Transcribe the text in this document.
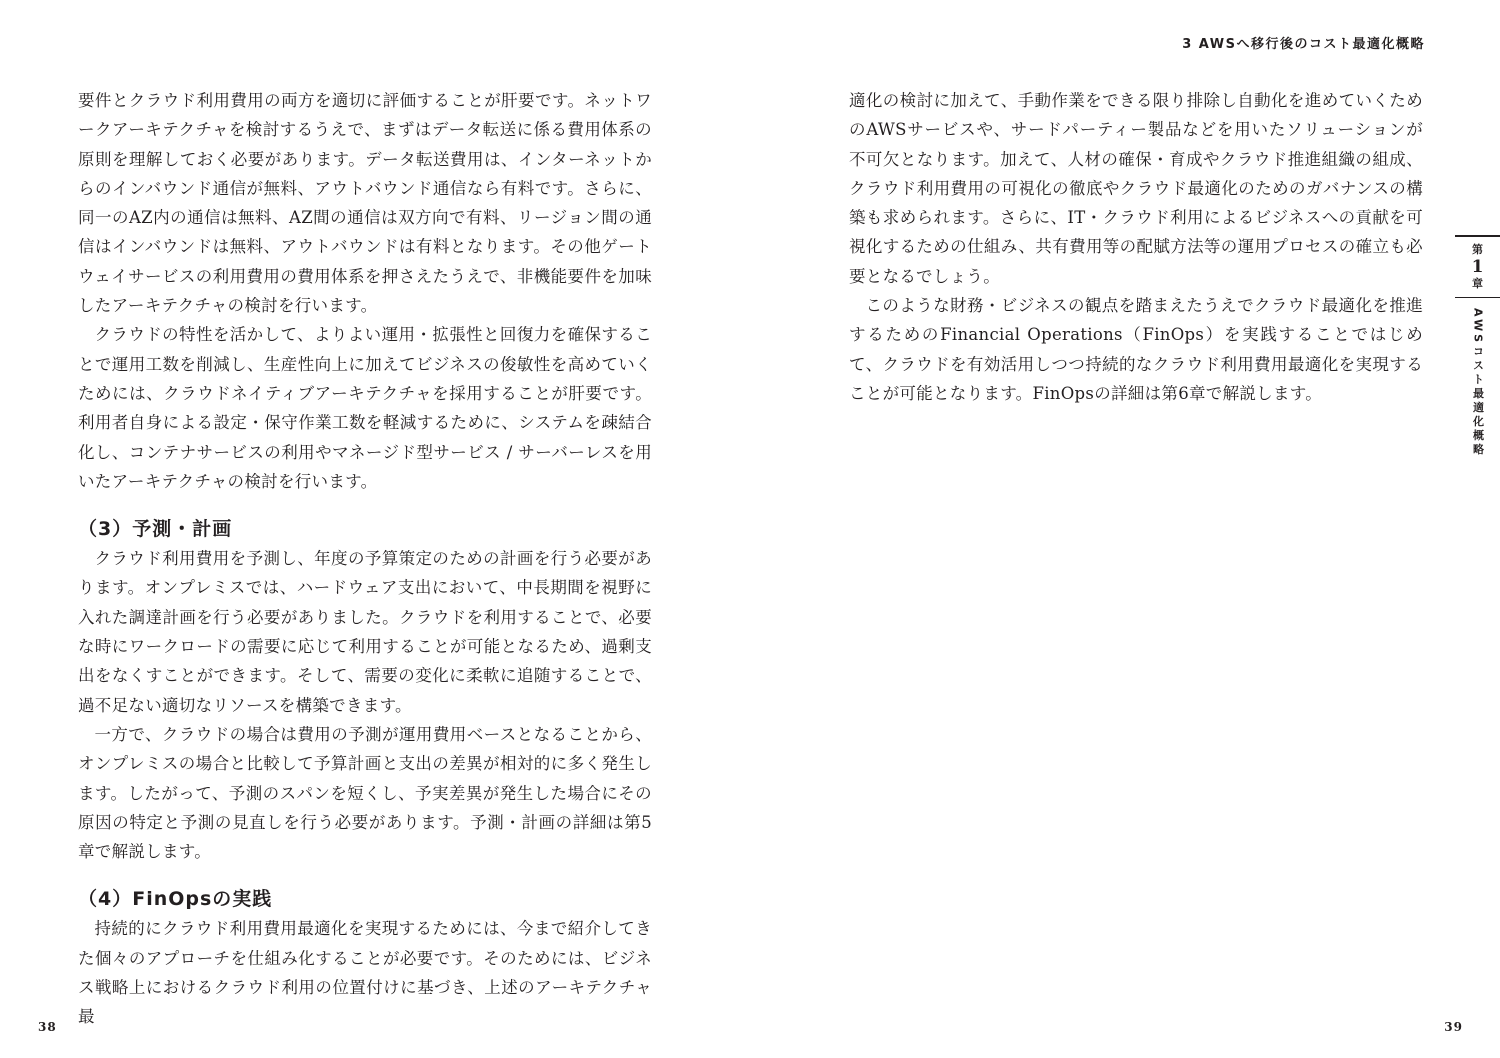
3 AWSへ移行後のコスト最適化概略

要件とクラウド利用費用の両方を適切に評価することが肝要です。ネットワークアーキテクチャを検討するうえで、まずはデータ転送に係る費用体系の原則を理解しておく必要があります。データ転送費用は、インターネットからのインバウンド通信が無料、アウトバウンド通信なら有料です。さらに、同一のAZ内の通信は無料、AZ間の通信は双方向で有料、リージョン間の通信はインバウンドは無料、アウトバウンドは有料となります。その他ゲートウェイサービスの利用費用の費用体系を押さえたうえで、非機能要件を加味したアーキテクチャの検討を行います。

クラウドの特性を活かして、よりよい運用・拡張性と回復力を確保することで運用工数を削減し、生産性向上に加えてビジネスの俊敏性を高めていくためには、クラウドネイティブアーキテクチャを採用することが肝要です。利用者自身による設定・保守作業工数を軽減するために、システムを疎結合化し、コンテナサービスの利用やマネージド型サービス / サーバーレスを用いたアーキテクチャの検討を行います。

（3）予測・計画

クラウド利用費用を予測し、年度の予算策定のための計画を行う必要があります。オンプレミスでは、ハードウェア支出において、中長期間を視野に入れた調達計画を行う必要がありました。クラウドを利用することで、必要な時にワークロードの需要に応じて利用することが可能となるため、過剰支出をなくすことができます。そして、需要の変化に柔軟に追随することで、過不足ない適切なリソースを構築できます。

一方で、クラウドの場合は費用の予測が運用費用ベースとなることから、オンプレミスの場合と比較して予算計画と支出の差異が相対的に多く発生します。したがって、予測のスパンを短くし、予実差異が発生した場合にその原因の特定と予測の見直しを行う必要があります。予測・計画の詳細は第5章で解説します。

（4）FinOpsの実践

持続的にクラウド利用費用最適化を実現するためには、今まで紹介してきた個々のアプローチを仕組み化することが必要です。そのためには、ビジネス戦略上におけるクラウド利用の位置付けに基づき、上述のアーキテクチャ最

適化の検討に加えて、手動作業をできる限り排除し自動化を進めていくためのAWSサービスや、サードパーティー製品などを用いたソリューションが不可欠となります。加えて、人材の確保・育成やクラウド推進組織の組成、クラウド利用費用の可視化の徹底やクラウド最適化のためのガバナンスの構築も求められます。さらに、IT・クラウド利用によるビジネスへの貢献を可視化するための仕組み、共有費用等の配賦方法等の運用プロセスの確立も必要となるでしょう。

このような財務・ビジネスの観点を踏まえたうえでクラウド最適化を推進するためのFinancial Operations（FinOps）を実践することではじめて、クラウドを有効活用しつつ持続的なクラウド利用費用最適化を実現することが可能となります。FinOpsの詳細は第6章で解説します。

第
1
章
AWSコスト最適化概略
38	39
